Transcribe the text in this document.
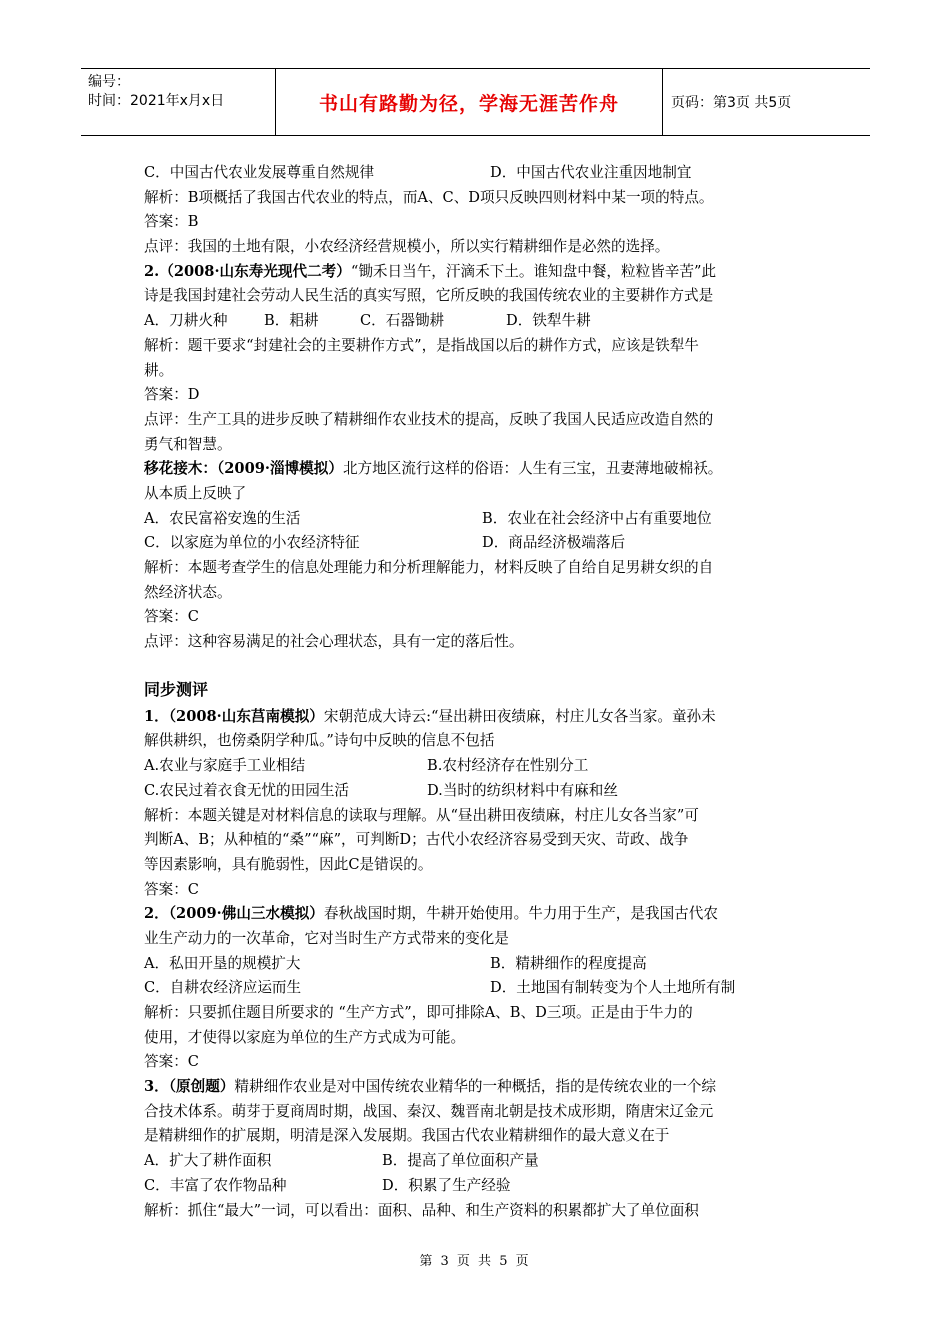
编号：
时间：2021年x月x日	书山有路勤为径，学海无涯苦作舟	页码：第3页 共5页
C．中国古代农业发展尊重自然规律	D．中国古代农业注重因地制宜
解析：B项概括了我国古代农业的特点，而A、C、D项只反映四则材料中某一项的特点。
答案：B
点评：我国的土地有限，小农经济经营规模小，所以实行精耕细作是必然的选择。
2.（2008·山东寿光现代二考）“锄禾日当午，汗滴禾下土。谁知盘中餐，粒粒皆辛苦”此
诗是我国封建社会劳动人民生活的真实写照，它所反映的我国传统农业的主要耕作方式是
A．刀耕火种 B．耜耕	C．石器锄耕	D．铁犁牛耕
解析：题干要求“封建社会的主要耕作方式”，是指战国以后的耕作方式，应该是铁犁牛
耕。
答案：D
点评：生产工具的进步反映了精耕细作农业技术的提高，反映了我国人民适应改造自然的
勇气和智慧。
移花接木：（2009·淄博模拟）北方地区流行这样的俗语：人生有三宝，丑妻薄地破棉袄。
从本质上反映了
A．农民富裕安逸的生活	B．农业在社会经济中占有重要地位
C．以家庭为单位的小农经济特征	D．商品经济极端落后
解析：本题考查学生的信息处理能力和分析理解能力，材料反映了自给自足男耕女织的自
然经济状态。
答案：C
点评：这种容易满足的社会心理状态，具有一定的落后性。
同步测评
1．（2008·山东莒南模拟）宋朝范成大诗云:“昼出耕田夜绩麻，村庄儿女各当家。童孙未
解供耕织，也傍桑阴学种瓜。”诗句中反映的信息不包括
A.农业与家庭手工业相结	B.农村经济存在性别分工
C.农民过着衣食无忧的田园生活	D.当时的纺织材料中有麻和丝
解析：本题关键是对材料信息的读取与理解。从“昼出耕田夜绩麻，村庄儿女各当家”可
判断A、B；从种植的“桑”“麻”，可判断D；古代小农经济容易受到天灾、苛政、战争
等因素影响，具有脆弱性，因此C是错误的。
答案：C
2．（2009·佛山三水模拟）春秋战国时期，牛耕开始使用。牛力用于生产，是我国古代农
业生产动力的一次革命，它对当时生产方式带来的变化是
A．私田开垦的规模扩大	B．精耕细作的程度提高
C．自耕农经济应运而生	D．土地国有制转变为个人土地所有制
解析：只要抓住题目所要求的 “生产方式”，即可排除A、B、D三项。正是由于牛力的
使用，才使得以家庭为单位的生产方式成为可能。
答案：C
3．（原创题）精耕细作农业是对中国传统农业精华的一种概括，指的是传统农业的一个综
合技术体系。萌芽于夏商周时期，战国、秦汉、魏晋南北朝是技术成形期，隋唐宋辽金元
是精耕细作的扩展期，明清是深入发展期。我国古代农业精耕细作的最大意义在于
A．扩大了耕作面积	B．提高了单位面积产量
C．丰富了农作物品种	D．积累了生产经验
解析：抓住“最大”一词，可以看出：面积、品种、和生产资料的积累都扩大了单位面积
第 3 页 共 5 页
